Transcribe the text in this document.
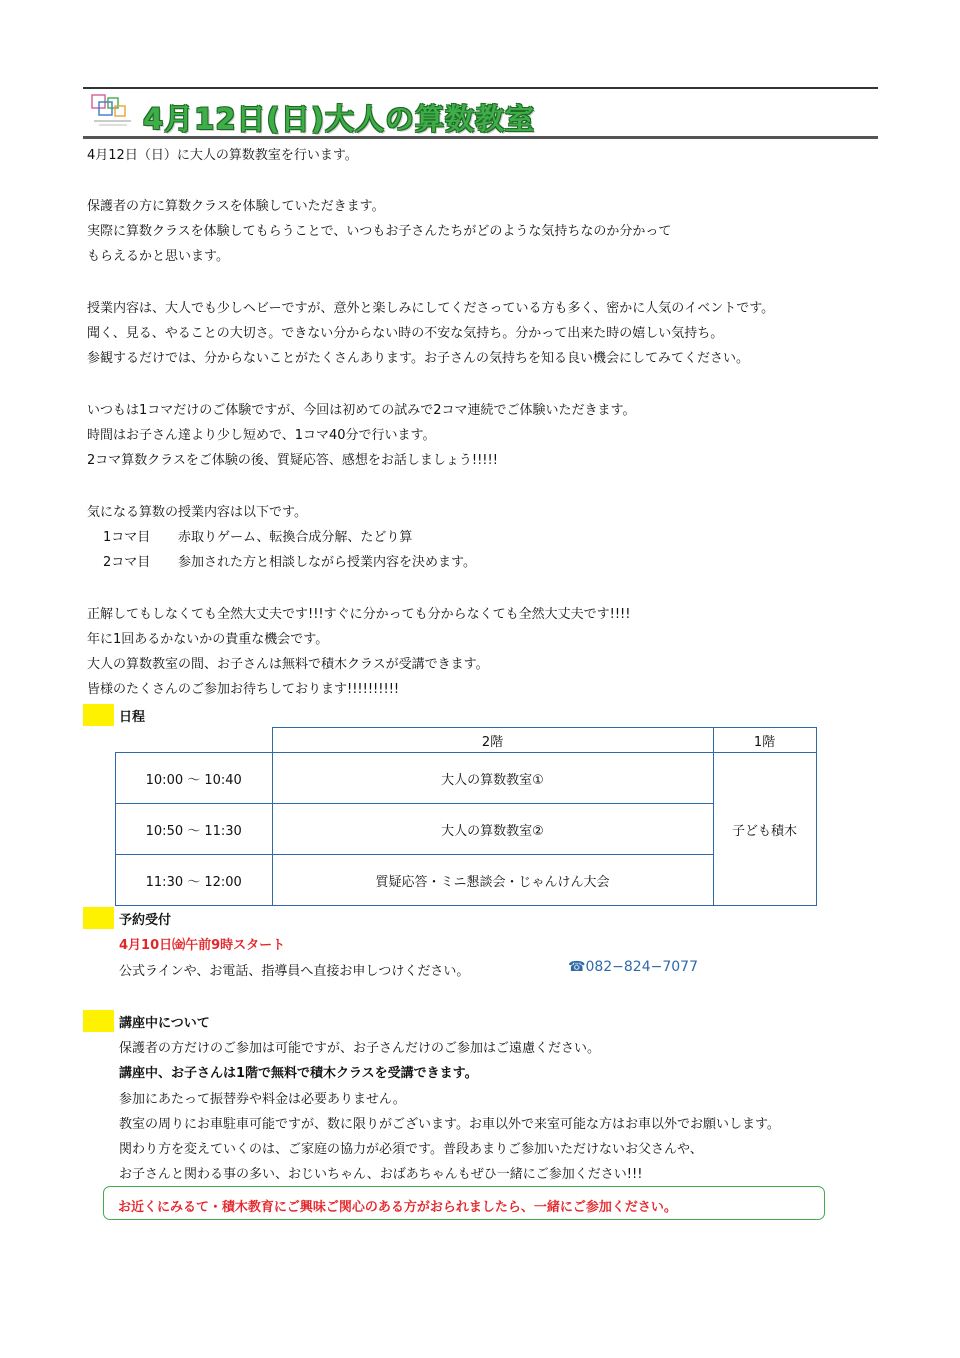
4月12日(日)大人の算数教室
4月12日（日）に大人の算数教室を行います。
保護者の方に算数クラスを体験していただきます。
実際に算数クラスを体験してもらうことで、いつもお子さんたちがどのような気持ちなのか分かって
もらえるかと思います。
授業内容は、大人でも少しヘビーですが、意外と楽しみにしてくださっている方も多く、密かに人気のイベントです。
聞く、見る、やることの大切さ。できない分からない時の不安な気持ち。分かって出来た時の嬉しい気持ち。
参観するだけでは、分からないことがたくさんあります。お子さんの気持ちを知る良い機会にしてみてください。
いつもは1コマだけのご体験ですが、今回は初めての試みで2コマ連続でご体験いただきます。
時間はお子さん達より少し短めで、1コマ40分で行います。
2コマ算数クラスをご体験の後、質疑応答、感想をお話しましょう!!!!!
気になる算数の授業内容は以下です。
1コマ目 赤取りゲーム、転換合成分解、たどり算
2コマ目 参加された方と相談しながら授業内容を決めます。
正解してもしなくても全然大丈夫です!!!すぐに分かっても分からなくても全然大丈夫です!!!!
年に1回あるかないかの貴重な機会です。
大人の算数教室の間、お子さんは無料で積木クラスが受講できます。
皆様のたくさんのご参加お待ちしております!!!!!!!!!!
日程
	2階	1階
10:00 ～ 10:40	大人の算数教室①	子ども積木
10:50 ～ 11:30	大人の算数教室②	
11:30 ～ 12:00	質疑応答・ミニ懇談会・じゃんけん大会	
予約受付
4月10日㈮午前9時スタート
公式ラインや、お電話、指導員へ直接お申しつけください。	☎082−824−7077
講座中について
保護者の方だけのご参加は可能ですが、お子さんだけのご参加はご遠慮ください。
講座中、お子さんは1階で無料で積木クラスを受講できます。
参加にあたって振替券や料金は必要ありません。
教室の周りにお車駐車可能ですが、数に限りがございます。お車以外で来室可能な方はお車以外でお願いします。
関わり方を変えていくのは、ご家庭の協力が必須です。普段あまりご参加いただけないお父さんや、
お子さんと関わる事の多い、おじいちゃん、おばあちゃんもぜひ一緒にご参加ください!!!
お近くにみるて・積木教育にご興味ご関心のある方がおられましたら、一緒にご参加ください。
